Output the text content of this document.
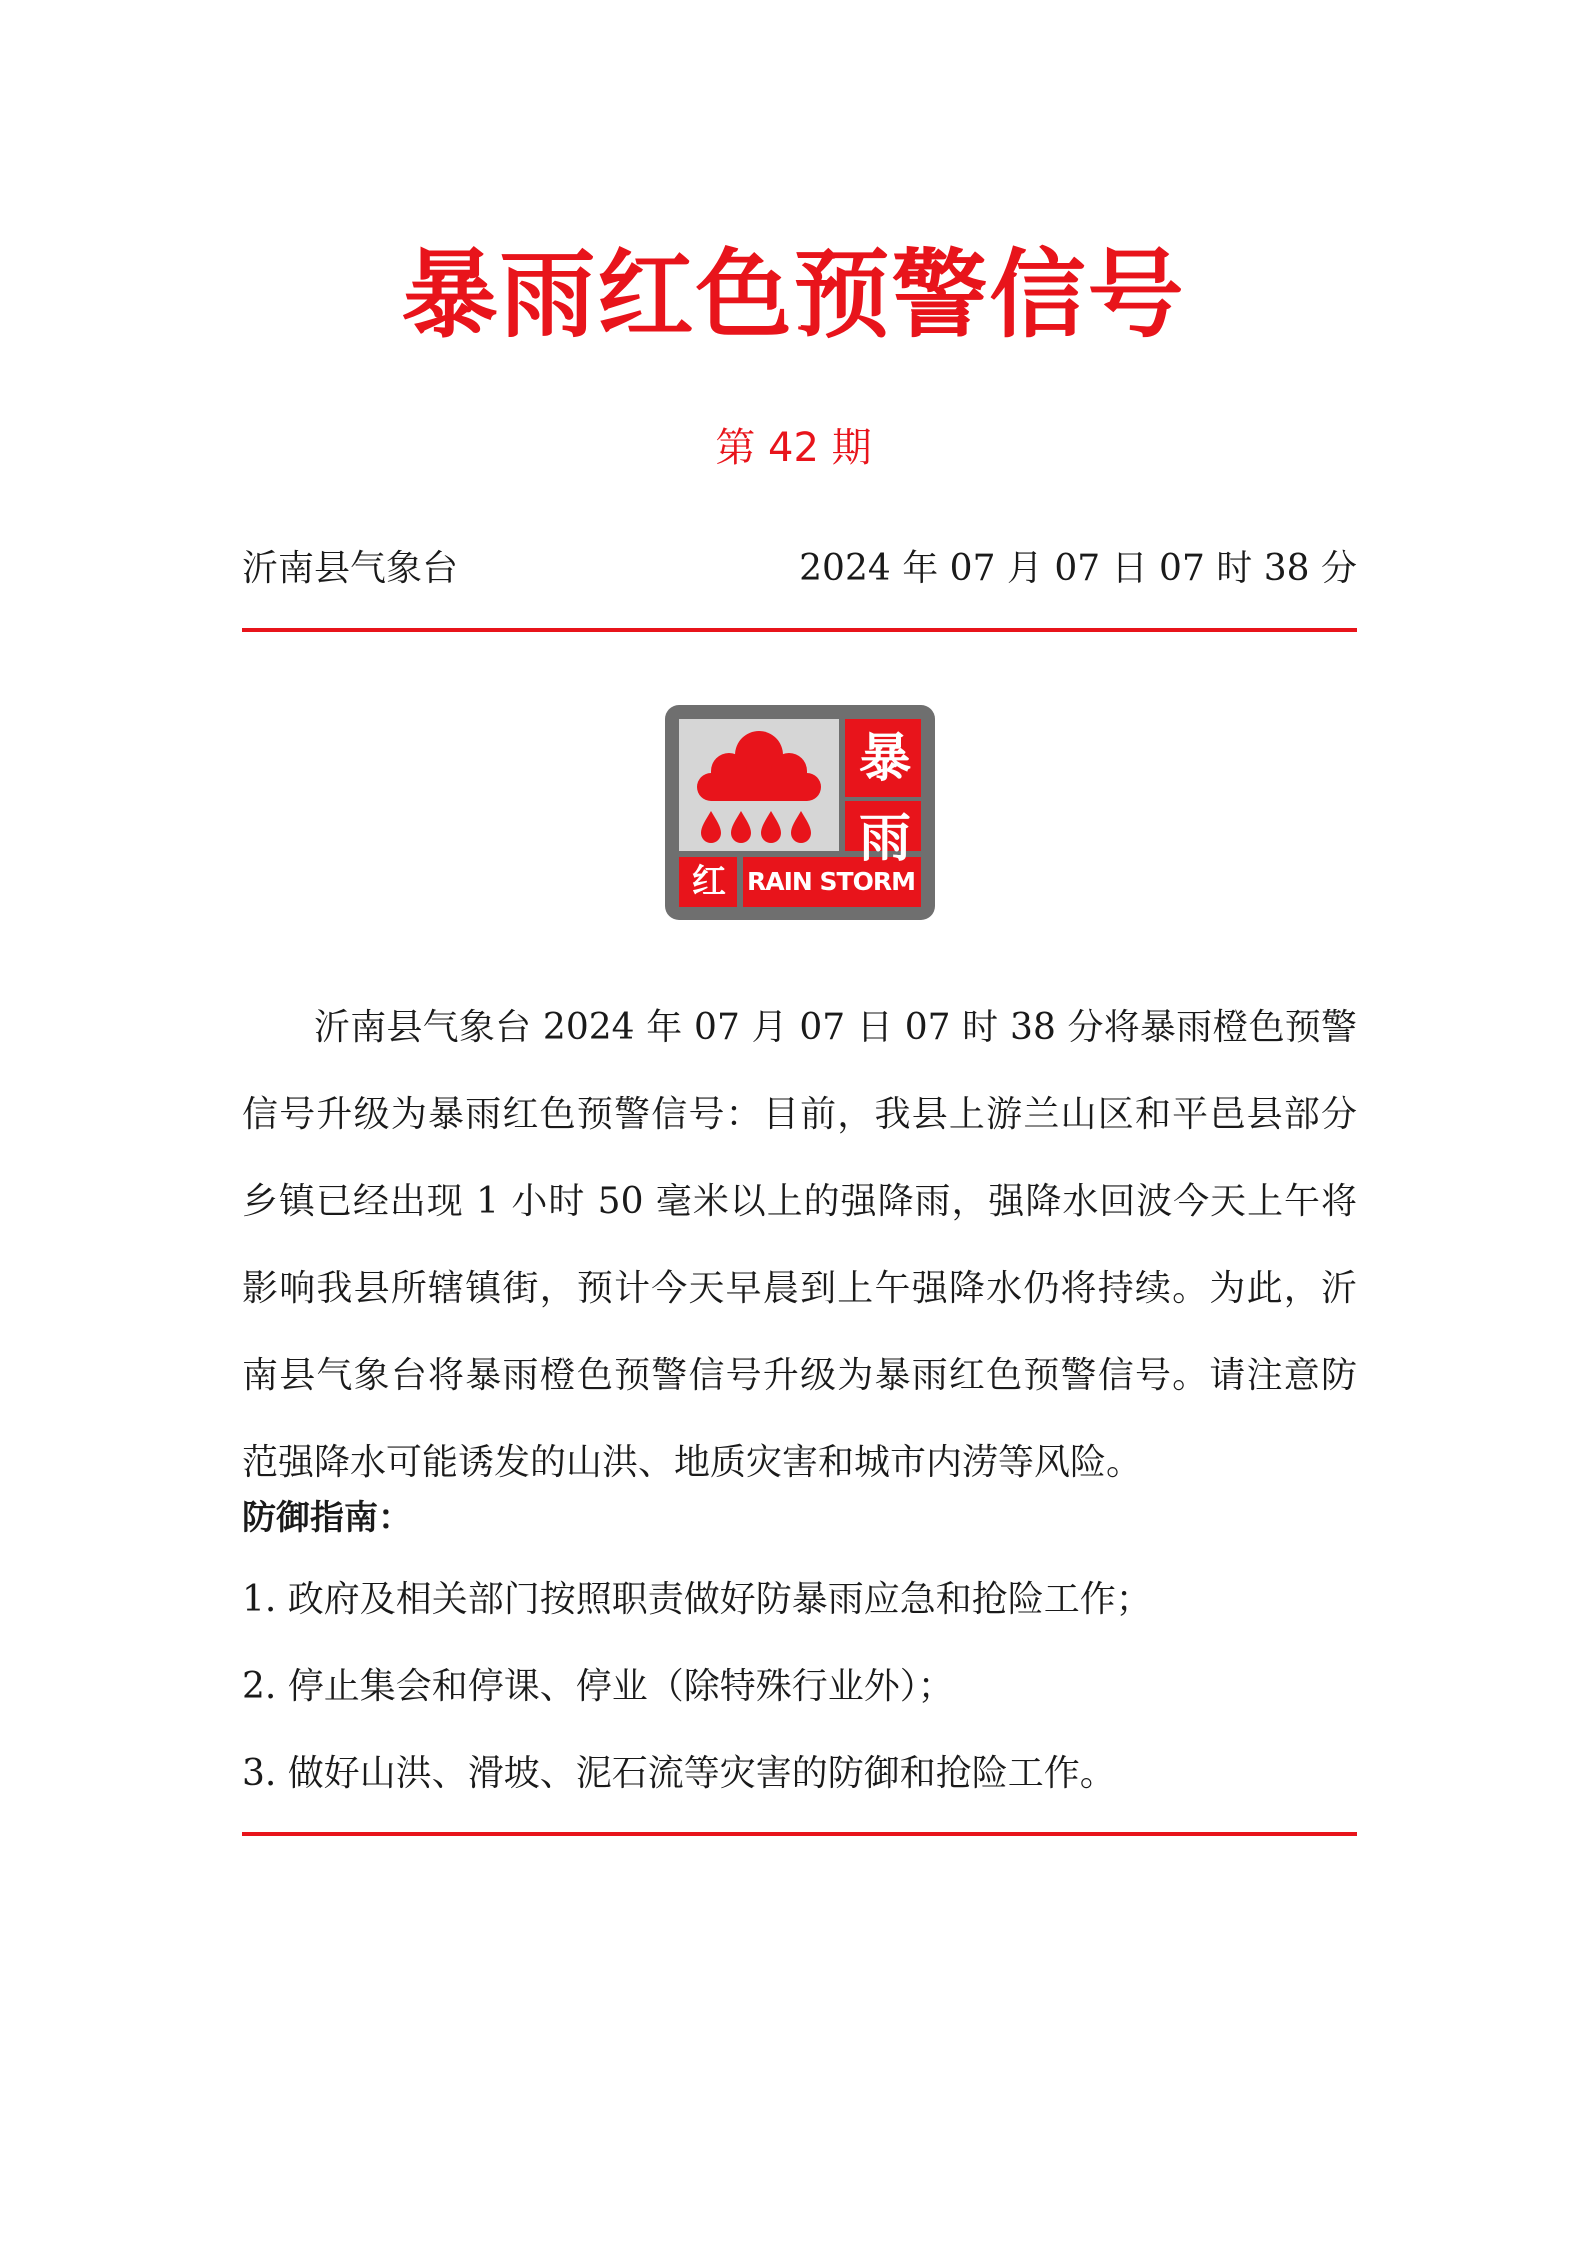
暴雨红色预警信号
第 42 期
沂南县气象台	2024 年 07 月 07 日 07 时 38 分
暴
雨
红 RAIN STORM

沂南县气象台 2024 年 07 月 07 日 07 时 38 分将暴雨橙色预警信号升级为暴雨红色预警信号：目前，我县上游兰山区和平邑县部分乡镇已经出现 1 小时 50 毫米以上的强降雨，强降水回波今天上午将影响我县所辖镇街，预计今天早晨到上午强降水仍将持续。为此，沂南县气象台将暴雨橙色预警信号升级为暴雨红色预警信号。请注意防范强降水可能诱发的山洪、地质灾害和城市内涝等风险。

防御指南：
1. 政府及相关部门按照职责做好防暴雨应急和抢险工作；
2. 停止集会和停课、停业（除特殊行业外）；
3. 做好山洪、滑坡、泥石流等灾害的防御和抢险工作。
